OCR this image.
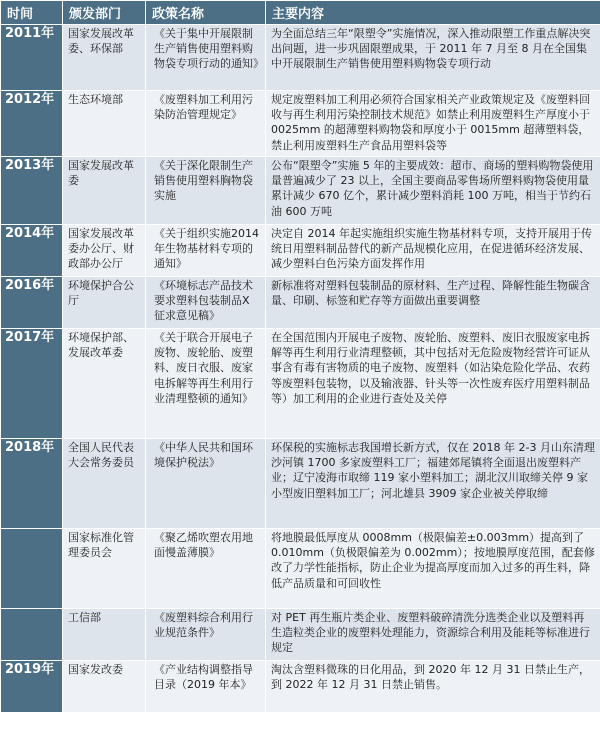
时间	颁发部门	政策名称	主要内容
2011年	国家发展改革委、环保部	《关于集中开展限制生产销售使用塑料购物袋专项行动的通知》	为全面总结三年“限塑令”实施情况，深入推动限塑工作重点解决突出问题，进一步巩固限塑成果，于 2011 年 7 月至 8 月在全国集中开展限制生产销售使用塑料购物袋专项行动
2012年	生态环境部	《废塑料加工利用污染防治管理规定》	规定废塑料加工利用必须符合国家相关产业政策规定及《废塑料回收与再生利用污染控制技术规范》如禁止利用废塑料生产厚度小于 0025mm 的超薄塑料购物袋和厚度小于 0015mm 超薄塑料袋，禁止利用废塑料生产食品用塑料袋等
2013年	国家发展改革委	《关于深化限制生产销售使用塑料胸物袋实施	公布“限塑令”实施 5 年的主要成效：超市、商场的塑料购物袋使用量普遍减少了 23 以上，全国主要商品零售场所塑料购物袋使用量累计减少 670 亿个，累计减少塑料消耗 100 万吨，相当于节约石油 600 万吨
2014年	国家发展改革委办公厅、财政部办公厅	《关于组织实施2014年生物基材料专项的通知》	决定自 2014 年起实施组织实施生物基材料专项，支持开展用于传统日用塑料制品替代的新产品规模化应用，在促进循环经济发展、减少塑料白色污染方面发挥作用
2016年	环境保护合公厅	《环境标志产品技术要求塑料包装制品X征求意见稿》	新标准将对塑料包装制品的原材料、生产过程、降解性能生物碳含量、印刷、标签和贮存等方面做出重要调整
2017年	环境保护部、发展改革委	《关于联合开展电子废物、废轮胎、废塑料、废日衣服、废家电拆解等再生利用行业清理整顿的通知》	在全国范围内开展电子废物、废轮胎、废塑料、废旧衣服废家电拆解等再生利用行业清理整顿，其中包括对无危险废物经营许可证从事含有毒有害物质的电子废物、废塑料（如沾染危险化学品、农药等废塑料包装物，以及输液器、针头等一次性废弃医疗用塑料制品等）加工利用的企业进行查处及关停
2018年	全国人民代表大会常务委员	《中华人民共和国环境保护税法》	环保税的实施标志我国增长新方式，仅在 2018 年 2-3 月山东清理沙河镇 1700 多家废塑料工厂；福建郊尾镇将全面退出废塑料产业；辽宁凌海市取缔 119 家小塑料加工；湖北汉川取缔关停 9 家小型废旧塑料加工厂；河北雄县 3909 家企业被关停取缔
	国家标准化管理委员会	《聚乙烯吹塑农用地面慢盖薄膜》	将地膜最低厚度从 0008mm（极限偏差±0.003mm）提高到了 0.010mm（负极限偏差为 0.002mm）；按地膜厚度范围，配套修改了力学性能指标，防止企业为提高厚度而加入过多的再生料，降低产品质量和可回收性
	工信部	《废塑料综合利用行业规范条件》	对 PET 再生瓶片类企业、废塑料破碎清洗分选类企业以及塑料再生造粒类企业的废塑料处理能力，资源综合利用及能耗等标准进行规定
2019年	国家发改委	《产业结构调整指导目录（2019 年本》	淘汰含塑料微珠的日化用品，到 2020 年 12 月 31 日禁止生产，到 2022 年 12 月 31 日禁止销售。
